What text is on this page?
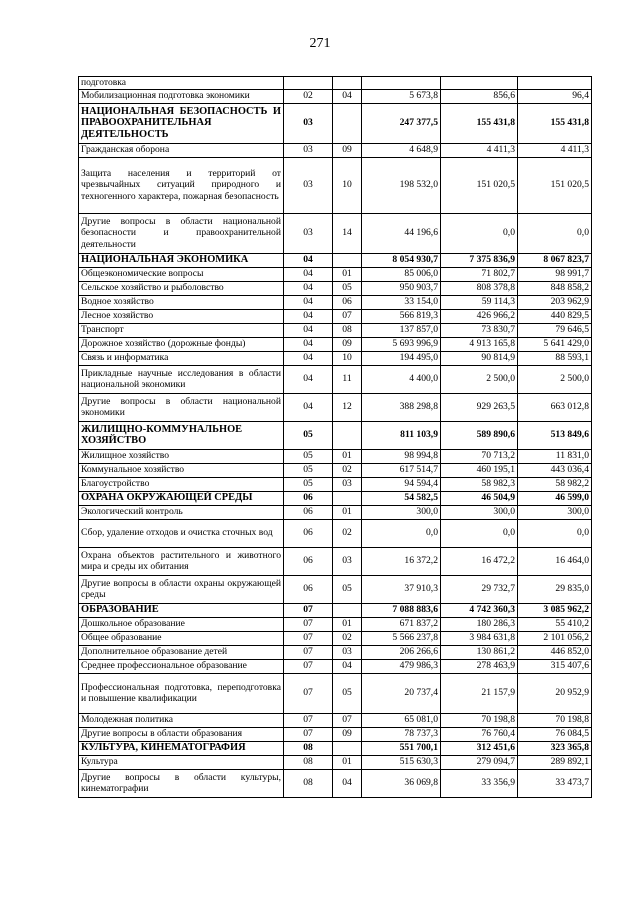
271
подготовка					
Мобилизационная подготовка экономики	02	04	5 673,8	856,6	96,4
НАЦИОНАЛЬНАЯ БЕЗОПАСНОСТЬ И ПРАВООХРАНИТЕЛЬНАЯ ДЕЯТЕЛЬНОСТЬ	03		247 377,5	155 431,8	155 431,8
Гражданская оборона	03	09	4 648,9	4 411,3	4 411,3
Защита населения и территорий от чрезвычайных ситуаций природного и техногенного характера, пожарная безопасность	03	10	198 532,0	151 020,5	151 020,5
Другие вопросы в области национальной безопасности и правоохранительной деятельности	03	14	44 196,6	0,0	0,0
НАЦИОНАЛЬНАЯ ЭКОНОМИКА	04		8 054 930,7	7 375 836,9	8 067 823,7
Общеэкономические вопросы	04	01	85 006,0	71 802,7	98 991,7
Сельское хозяйство и рыболовство	04	05	950 903,7	808 378,8	848 858,2
Водное хозяйство	04	06	33 154,0	59 114,3	203 962,9
Лесное хозяйство	04	07	566 819,3	426 966,2	440 829,5
Транспорт	04	08	137 857,0	73 830,7	79 646,5
Дорожное хозяйство (дорожные фонды)	04	09	5 693 996,9	4 913 165,8	5 641 429,0
Связь и информатика	04	10	194 495,0	90 814,9	88 593,1
Прикладные научные исследования в области национальной экономики	04	11	4 400,0	2 500,0	2 500,0
Другие вопросы в области национальной экономики	04	12	388 298,8	929 263,5	663 012,8
ЖИЛИЩНО-КОММУНАЛЬНОЕ ХОЗЯЙСТВО	05		811 103,9	589 890,6	513 849,6
Жилищное хозяйство	05	01	98 994,8	70 713,2	11 831,0
Коммунальное хозяйство	05	02	617 514,7	460 195,1	443 036,4
Благоустройство	05	03	94 594,4	58 982,3	58 982,2
ОХРАНА ОКРУЖАЮЩЕЙ СРЕДЫ	06		54 582,5	46 504,9	46 599,0
Экологический контроль	06	01	300,0	300,0	300,0
Сбор, удаление отходов и очистка сточных вод	06	02	0,0	0,0	0,0
Охрана объектов растительного и животного мира и среды их обитания	06	03	16 372,2	16 472,2	16 464,0
Другие вопросы в области охраны окружающей среды	06	05	37 910,3	29 732,7	29 835,0
ОБРАЗОВАНИЕ	07		7 088 883,6	4 742 360,3	3 085 962,2
Дошкольное образование	07	01	671 837,2	180 286,3	55 410,2
Общее образование	07	02	5 566 237,8	3 984 631,8	2 101 056,2
Дополнительное образование детей	07	03	206 266,6	130 861,2	446 852,0
Среднее профессиональное образование	07	04	479 986,3	278 463,9	315 407,6
Профессиональная подготовка, переподготовка и повышение квалификации	07	05	20 737,4	21 157,9	20 952,9
Молодежная политика	07	07	65 081,0	70 198,8	70 198,8
Другие вопросы в области образования	07	09	78 737,3	76 760,4	76 084,5
КУЛЬТУРА, КИНЕМАТОГРАФИЯ	08		551 700,1	312 451,6	323 365,8
Культура	08	01	515 630,3	279 094,7	289 892,1
Другие вопросы в области культуры, кинематографии	08	04	36 069,8	33 356,9	33 473,7
